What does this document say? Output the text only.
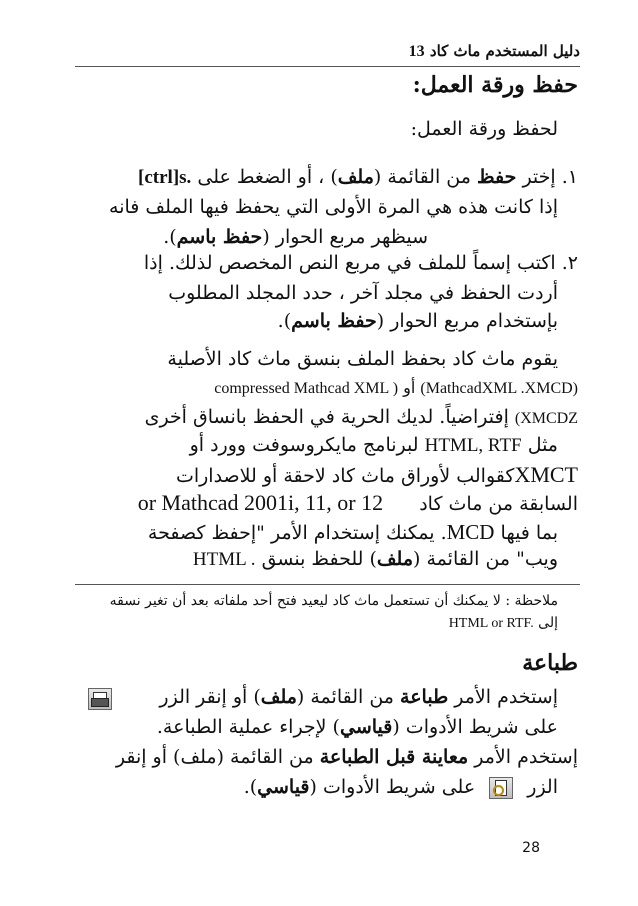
دليل المستخدم ماث كاد 13
حفظ ورقة العمل:
لحفظ ورقة العمل:
١. إختر حفظ من القائمة (ملف) ، أو الضغط على [ctrl]s.
إذا كانت هذه هي المرة الأولى التي يحفظ فيها الملف فانه
سيظهر مربع الحوار (حفظ باسم).
٢. اكتب إسماً للملف في مربع النص المخصص لذلك. إذا
أردت الحفظ في مجلد آخر ، حدد المجلد المطلوب
بإستخدام مربع الحوار (حفظ باسم).
يقوم ماث كاد بحفظ الملف بنسق ماث كاد الأصلية
(MathcadXML .XMCD) أو compressed Mathcad XML )
(XMCDZ إفتراضياً. لديك الحرية في الحفظ بانساق أخرى
مثل HTML, RTF لبرنامج مايكروسوفت وورد أو
XMCTكقوالب لأوراق ماث كاد لاحقة أو للاصدارات
السابقة من ماث كاد or Mathcad 2001i, 11, or 12
بما فيها MCD. يمكنك إستخدام الأمر "إحفظ كصفحة
ويب" من القائمة (ملف) للحفظ بنسق HTML .
ملاحظة : لا يمكنك أن تستعمل ماث كاد ليعيد فتح أحد ملفاته بعد أن تغير نسقه
إلى HTML or RTF.
طباعة
إستخدم الأمر طباعة من القائمة (ملف) أو إنقر الزر
على شريط الأدوات (قياسي) لإجراء عملية الطباعة.
إستخدم الأمر معاينة قبل الطباعة من القائمة (ملف) أو إنقر
الزر  على شريط الأدوات (قياسي).
28
